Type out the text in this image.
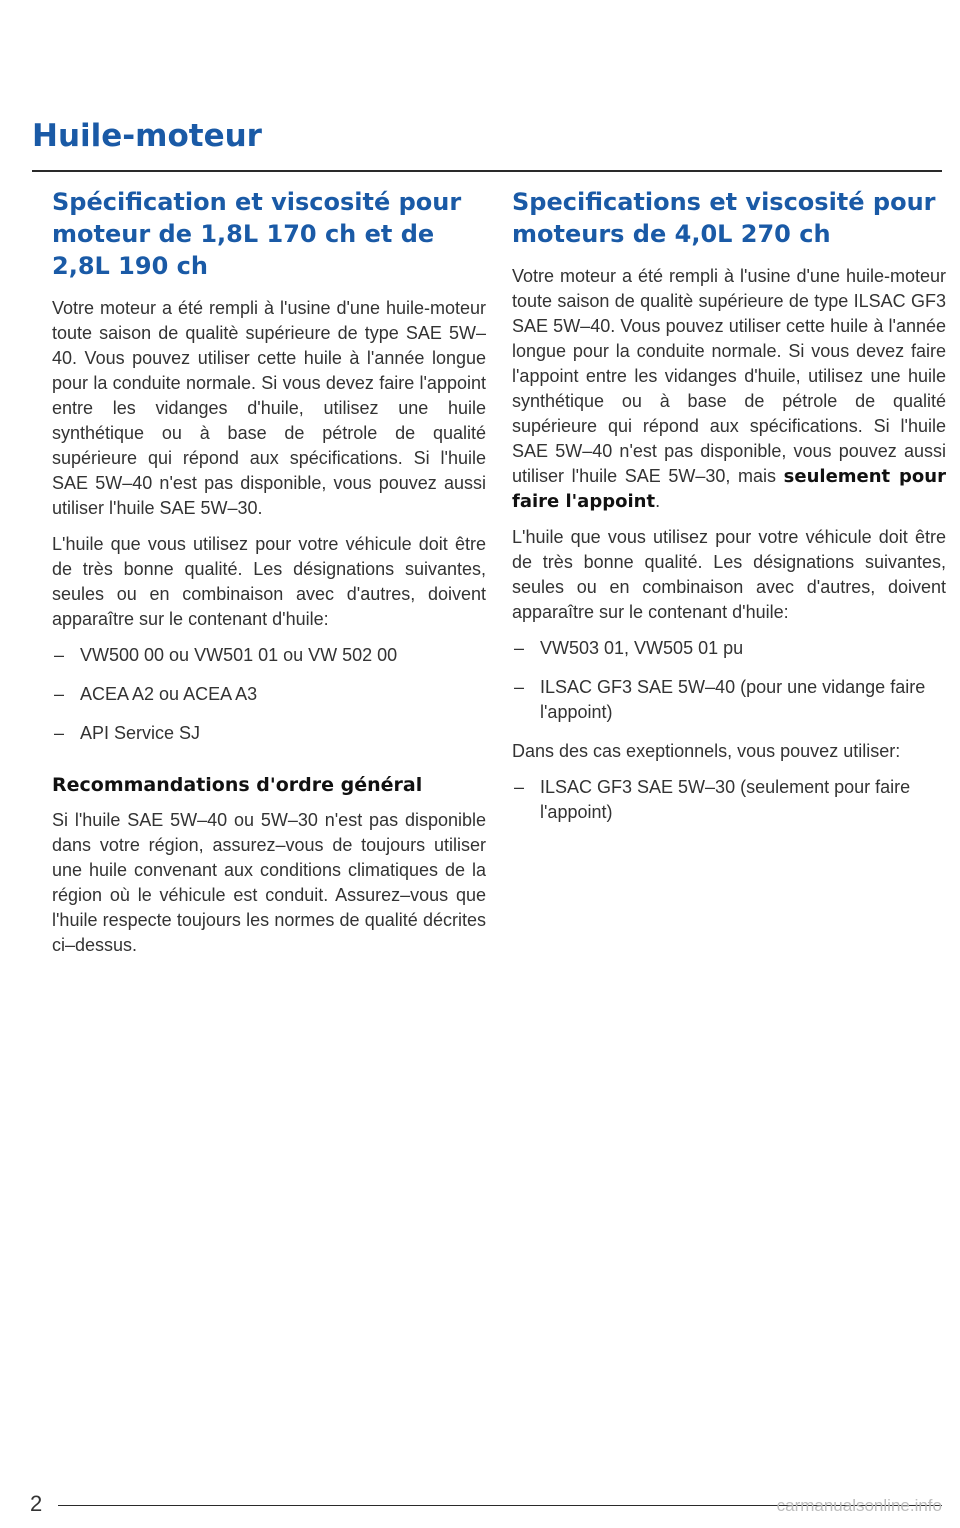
Huile-moteur
Spécification et viscosité pour moteur de 1,8L 170 ch et de 2,8L 190 ch

Votre moteur a été rempli à l'usine d'une huile-moteur toute saison de qualitè supérieure de type SAE 5W–40. Vous pouvez utiliser cette huile à l'année longue pour la conduite normale. Si vous devez faire l'appoint entre les vidanges d'huile, utilisez une huile synthétique ou à base de pétrole de qualité supérieure qui répond aux spécifications. Si l'huile SAE 5W–40 n'est pas disponible, vous pouvez aussi utiliser l'huile SAE 5W–30.

L'huile que vous utilisez pour votre véhicule doit être de très bonne qualité. Les désignations suivantes, seules ou en combinaison avec d'autres, doivent apparaître sur le contenant d'huile:

– VW500 00 ou VW501 01 ou VW 502 00
– ACEA A2 ou ACEA A3
– API Service SJ
Recommandations d'ordre général

Si l'huile SAE 5W–40 ou 5W–30 n'est pas disponible dans votre région, assurez–vous de toujours utiliser une huile convenant aux conditions climatiques de la région où le véhicule est conduit. Assurez–vous que l'huile respecte toujours les normes de qualité décrites ci–dessus.

Specifications et viscosité pour moteurs de 4,0L 270 ch

Votre moteur a été rempli à l'usine d'une huile-moteur toute saison de qualitè supérieure de type ILSAC GF3 SAE 5W–40. Vous pouvez utiliser cette huile à l'année longue pour la conduite normale. Si vous devez faire l'appoint entre les vidanges d'huile, utilisez une huile synthétique ou à base de pétrole de qualité supérieure qui répond aux spécifications. Si l'huile SAE 5W–40 n'est pas disponible, vous pouvez aussi utiliser l'huile SAE 5W–30, mais seulement pour faire l'appoint.

L'huile que vous utilisez pour votre véhicule doit être de très bonne qualité. Les désignations suivantes, seules ou en combinaison avec d'autres, doivent apparaître sur le contenant d'huile:

– VW503 01, VW505 01 pu
– ILSAC GF3 SAE 5W–40 (pour une vidange faire l'appoint)

Dans des cas exeptionnels, vous pouvez utiliser:

– ILSAC GF3 SAE 5W–30 (seulement pour faire l'appoint)
2	carmanualsonline.info
